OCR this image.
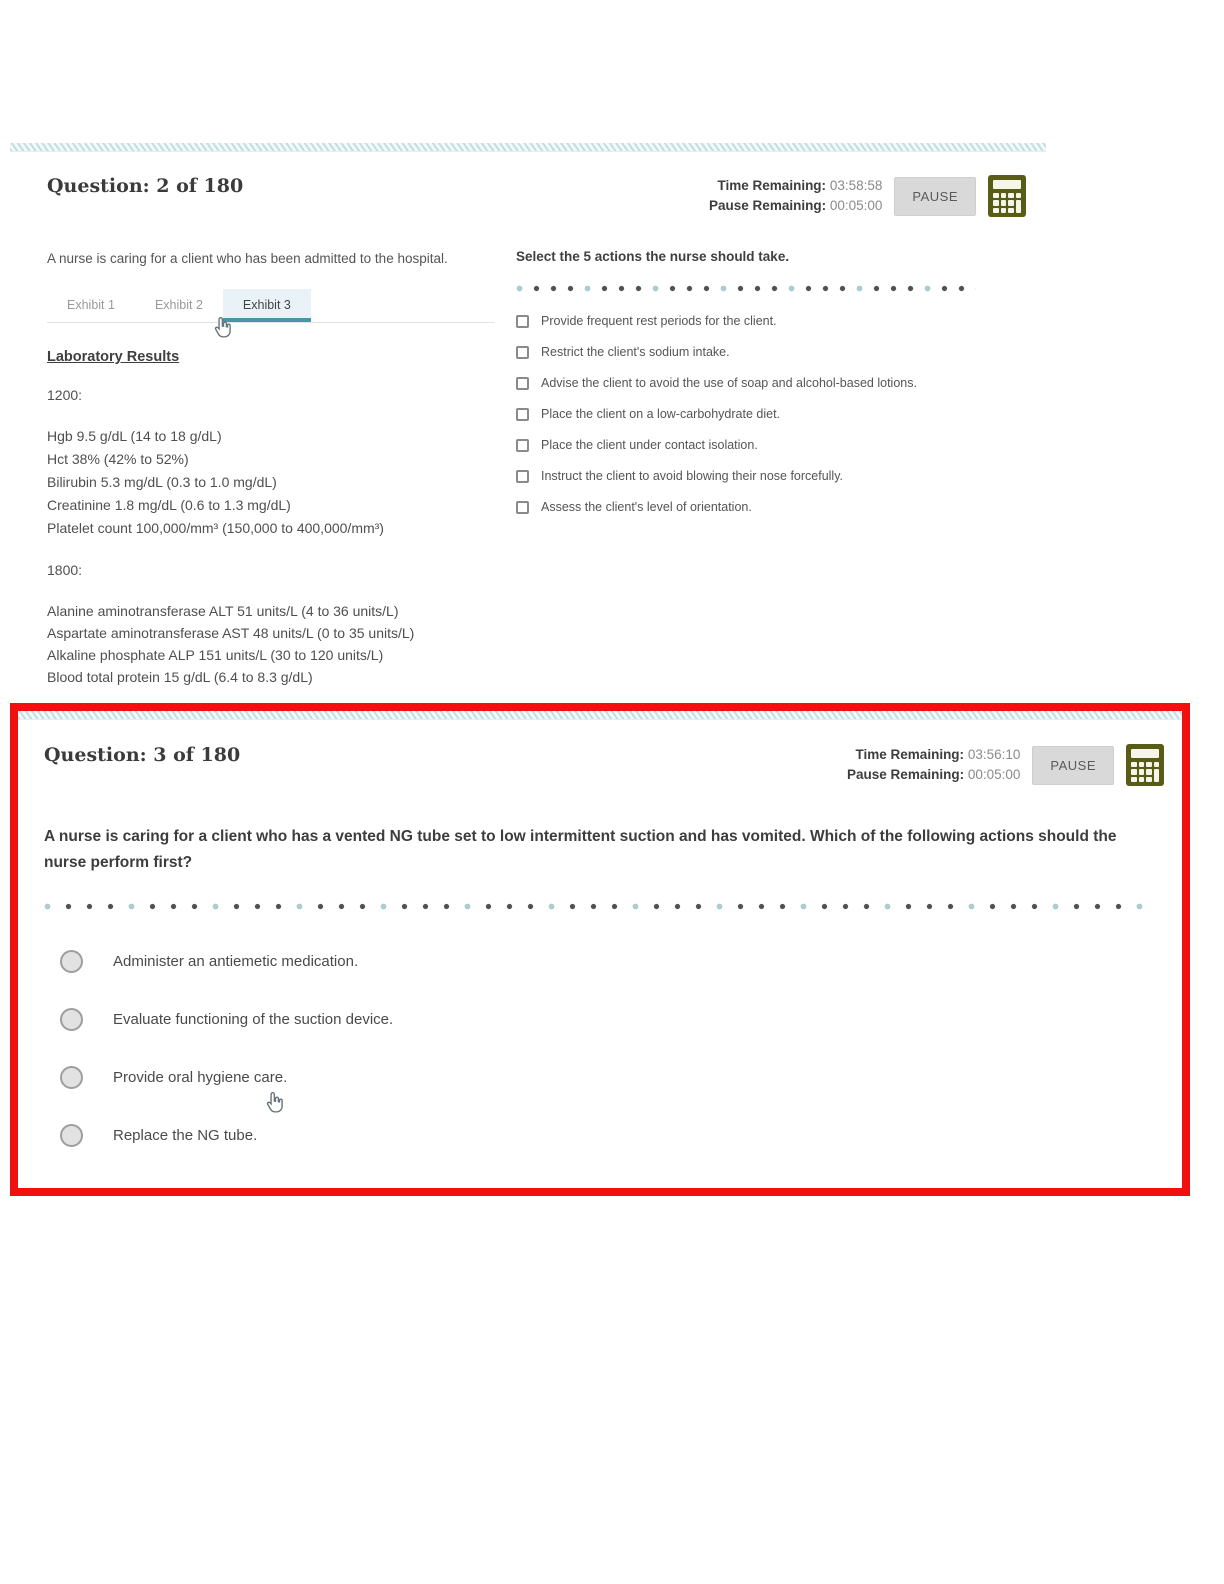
Question: 2 of 180	Time Remaining: 03:58:58
Pause Remaining: 00:05:00
PAUSE

A nurse is caring for a client who has been admitted to the hospital.

Exhibit 1	Exhibit 2	Exhibit 3
Laboratory Results
1200:
Hgb 9.5 g/dL (14 to 18 g/dL)
Hct 38% (42% to 52%)
Bilirubin 5.3 mg/dL (0.3 to 1.0 mg/dL)
Creatinine 1.8 mg/dL (0.6 to 1.3 mg/dL)
Platelet count 100,000/mm³ (150,000 to 400,000/mm³)
1800:
Alanine aminotransferase ALT 51 units/L (4 to 36 units/L)
Aspartate aminotransferase AST 48 units/L (0 to 35 units/L)
Alkaline phosphate ALP 151 units/L (30 to 120 units/L)
Blood total protein 15 g/dL (6.4 to 8.3 g/dL)

Select the 5 actions the nurse should take.

Provide frequent rest periods for the client.
Restrict the client's sodium intake.
Advise the client to avoid the use of soap and alcohol-based lotions.
Place the client on a low-carbohydrate diet.
Place the client under contact isolation.
Instruct the client to avoid blowing their nose forcefully.
Assess the client's level of orientation.
Question: 3 of 180	Time Remaining: 03:56:10
Pause Remaining: 00:05:00
PAUSE

A nurse is caring for a client who has a vented NG tube set to low intermittent suction and has vomited. Which of the following actions should the nurse perform first?

Administer an antiemetic medication.
Evaluate functioning of the suction device.
Provide oral hygiene care.
Replace the NG tube.
